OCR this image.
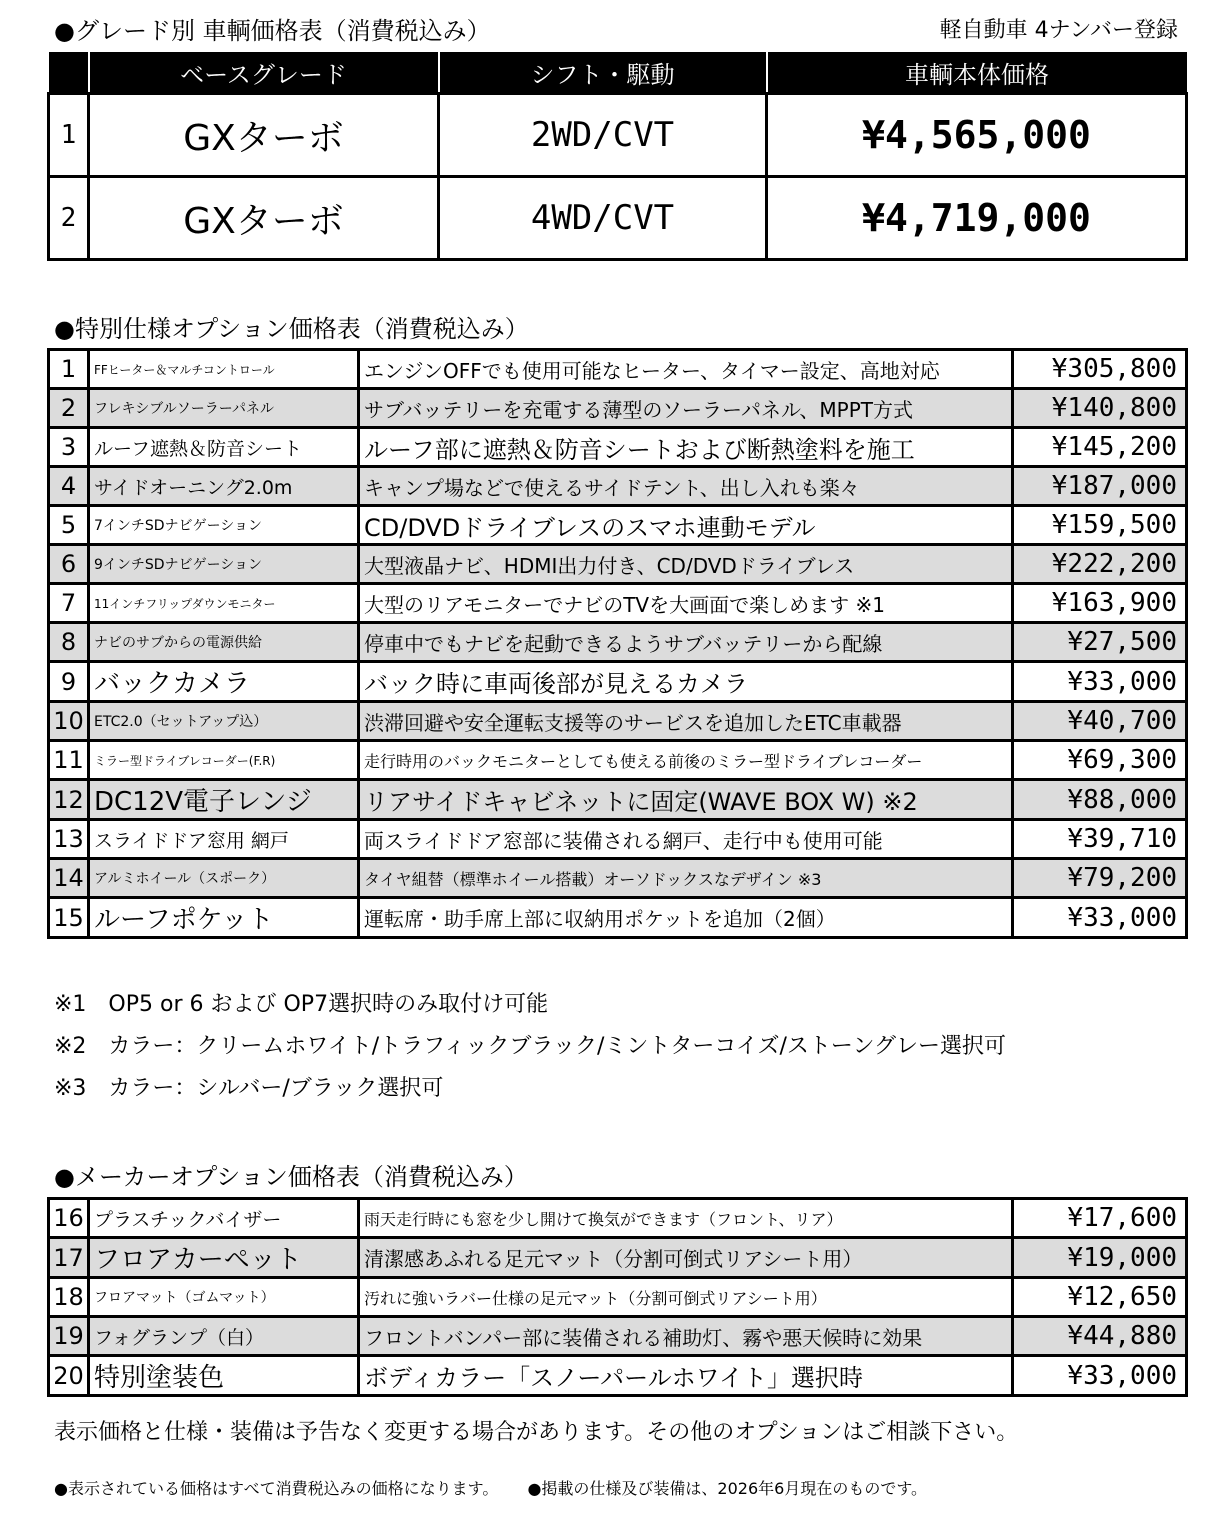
●グレード別 車輌価格表（消費税込み）	軽自動車 4ナンバー登録
	ベースグレード	シフト・駆動	車輌本体価格
1	GXターボ	2WD/CVT	¥4,565,000
2	GXターボ	4WD/CVT	¥4,719,000
●特別仕様オプション価格表（消費税込み）
1	FFヒーター＆マルチコントロール	エンジンOFFでも使用可能なヒーター、タイマー設定、高地対応	¥305,800
2	フレキシブルソーラーパネル	サブバッテリーを充電する薄型のソーラーパネル、MPPT方式	¥140,800
3	ルーフ遮熱＆防音シート	ルーフ部に遮熱＆防音シートおよび断熱塗料を施工	¥145,200
4	サイドオーニング2.0m	キャンプ場などで使えるサイドテント、出し入れも楽々	¥187,000
5	7インチSDナビゲーション	CD/DVDドライブレスのスマホ連動モデル	¥159,500
6	9インチSDナビゲーション	大型液晶ナビ、HDMI出力付き、CD/DVDドライブレス	¥222,200
7	11インチフリップダウンモニター	大型のリアモニターでナビのTVを大画面で楽しめます ※1	¥163,900
8	ナビのサブからの電源供給	停車中でもナビを起動できるようサブバッテリーから配線	¥27,500
9	バックカメラ	バック時に車両後部が見えるカメラ	¥33,000
10	ETC2.0（セットアップ込）	渋滞回避や安全運転支援等のサービスを追加したETC車載器	¥40,700
11	ミラー型ドライブレコーダー(F.R)	走行時用のバックモニターとしても使える前後のミラー型ドライブレコーダー	¥69,300
12	DC12V電子レンジ	リアサイドキャビネットに固定(WAVE BOX W) ※2	¥88,000
13	スライドドア窓用 網戸	両スライドドア窓部に装備される網戸、走行中も使用可能	¥39,710
14	アルミホイール（スポーク）	タイヤ組替（標準ホイール搭載）オーソドックスなデザイン ※3	¥79,200
15	ルーフポケット	運転席・助手席上部に収納用ポケットを追加（2個）	¥33,000
※1　OP5 or 6 および OP7選択時のみ取付け可能
※2　カラー：クリームホワイト/トラフィックブラック/ミントターコイズ/ストーングレー選択可
※3　カラー：シルバー/ブラック選択可
●メーカーオプション価格表（消費税込み）
16	プラスチックバイザー	雨天走行時にも窓を少し開けて換気ができます（フロント、リア）	¥17,600
17	フロアカーペット	清潔感あふれる足元マット（分割可倒式リアシート用）	¥19,000
18	フロアマット（ゴムマット）	汚れに強いラバー仕様の足元マット（分割可倒式リアシート用）	¥12,650
19	フォグランプ（白）	フロントバンパー部に装備される補助灯、霧や悪天候時に効果	¥44,880
20	特別塗装色	ボディカラー「スノーパールホワイト」選択時	¥33,000
表示価格と仕様・装備は予告なく変更する場合があります。その他のオプションはご相談下さい。
●表示されている価格はすべて消費税込みの価格になります。 ●掲載の仕様及び装備は、2026年6月現在のものです。
